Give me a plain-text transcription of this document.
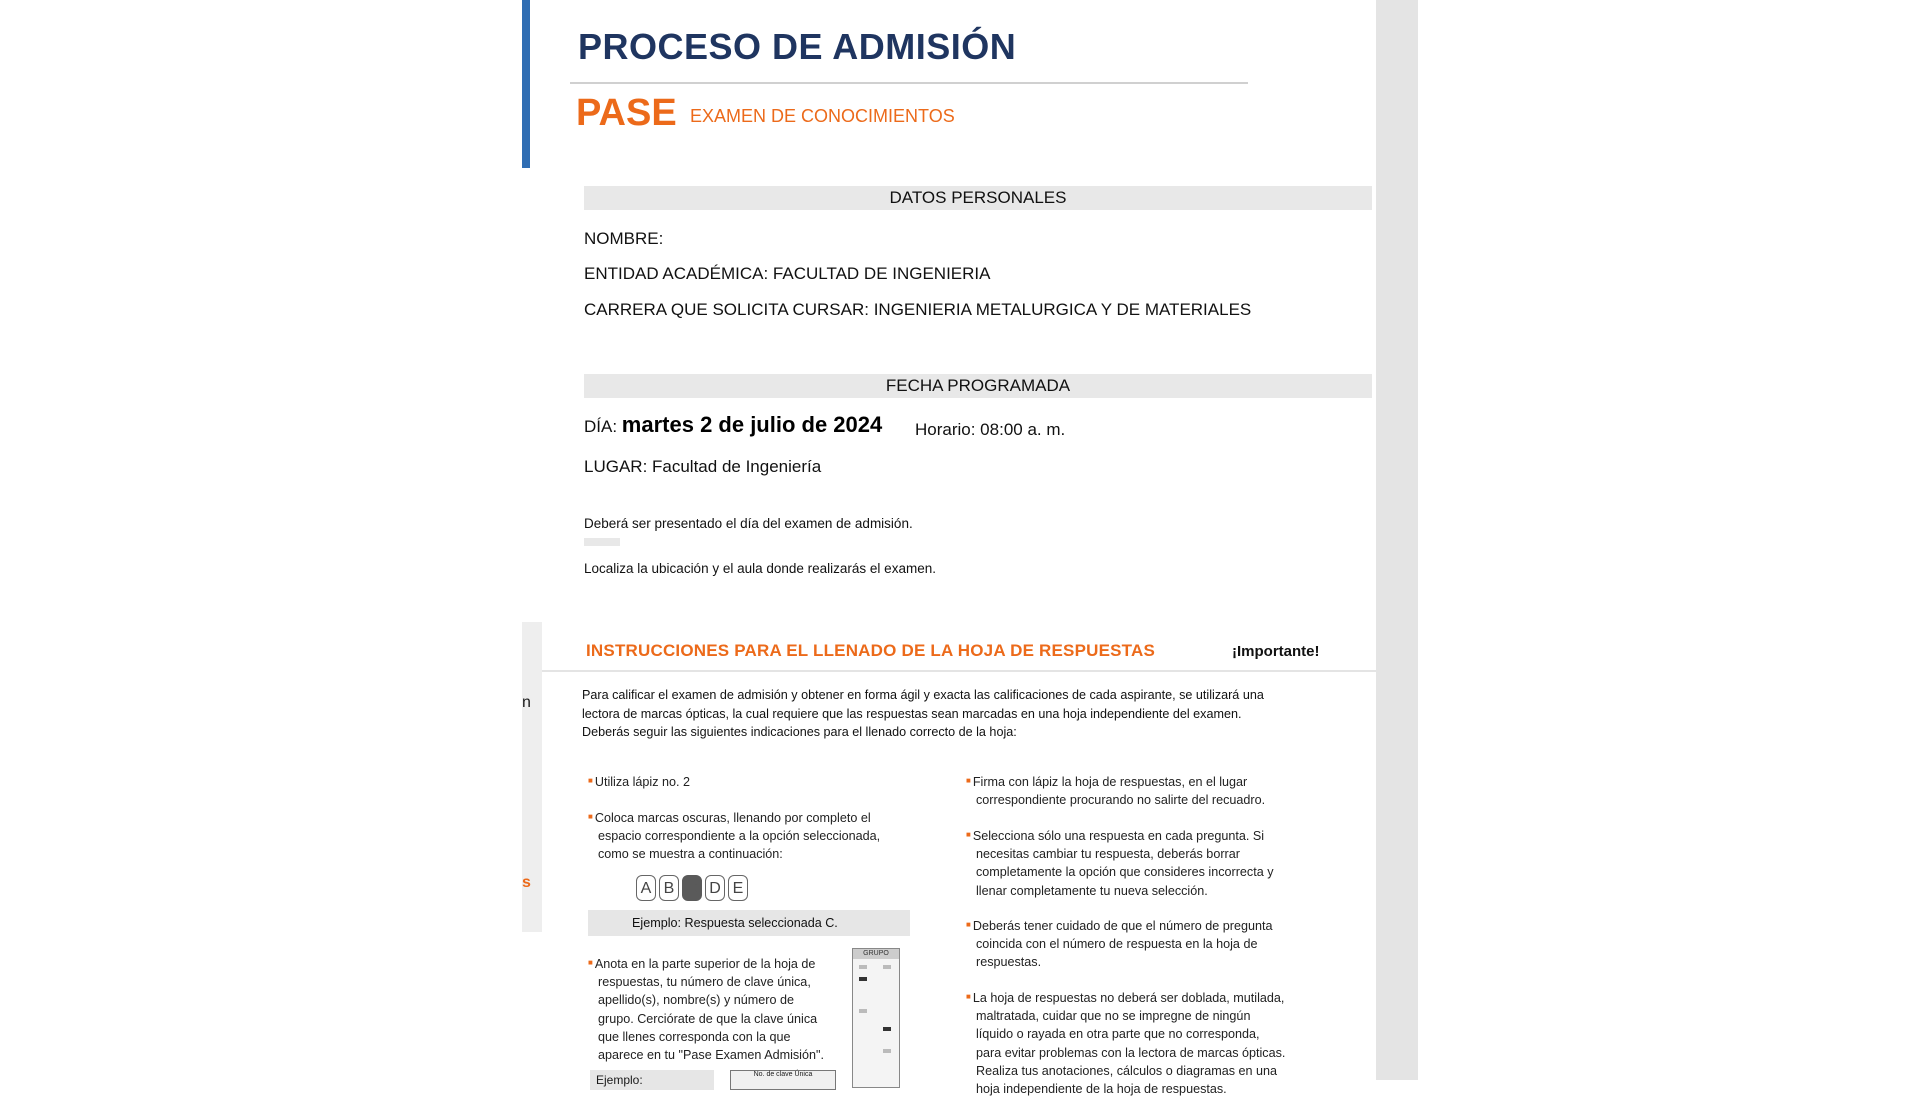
n
s
PROCESO DE ADMISIÓN
PASE EXAMEN DE CONOCIMIENTOS
DATOS PERSONALES
NOMBRE:
ENTIDAD ACADÉMICA: FACULTAD DE INGENIERIA
CARRERA QUE SOLICITA CURSAR: INGENIERIA METALURGICA Y DE MATERIALES
FECHA PROGRAMADA
DÍA: martes 2 de julio de 2024 Horario: 08:00 a. m.
LUGAR: Facultad de Ingeniería
Deberá ser presentado el día del examen de admisión.
Localiza la ubicación y el aula donde realizarás el examen.
INSTRUCCIONES PARA EL LLENADO DE LA HOJA DE RESPUESTAS	¡Importante!
Para calificar el examen de admisión y obtener en forma ágil y exacta las calificaciones de cada aspirante, se utilizará una
lectora de marcas ópticas, la cual requiere que las respuestas sean marcadas en una hoja independiente del examen.
Deberás seguir las siguientes indicaciones para el llenado correcto de la hoja:
■ Utiliza lápiz no. 2
■ Coloca marcas oscuras, llenando por completo el
espacio correspondiente a la opción seleccionada,
como se muestra a continuación:
A B C D E
Ejemplo: Respuesta seleccionada C.
■ Anota en la parte superior de la hoja de
respuestas, tu número de clave única,
apellido(s), nombre(s) y número de
grupo. Cerciórate de que la clave única
que llenes corresponda con la que
aparece en tu "Pase Examen Admisión".
GRUPO
Ejemplo:	No. de clave Única
■ Firma con lápiz la hoja de respuestas, en el lugar
correspondiente procurando no salirte del recuadro.
■ Selecciona sólo una respuesta en cada pregunta. Si
necesitas cambiar tu respuesta, deberás borrar
completamente la opción que consideres incorrecta y
llenar completamente tu nueva selección.
■ Deberás tener cuidado de que el número de pregunta
coincida con el número de respuesta en la hoja de
respuestas.
■ La hoja de respuestas no deberá ser doblada, mutilada,
maltratada, cuidar que no se impregne de ningún
líquido o rayada en otra parte que no corresponda,
para evitar problemas con la lectora de marcas ópticas.
Realiza tus anotaciones, cálculos o diagramas en una
hoja independiente de la hoja de respuestas.
